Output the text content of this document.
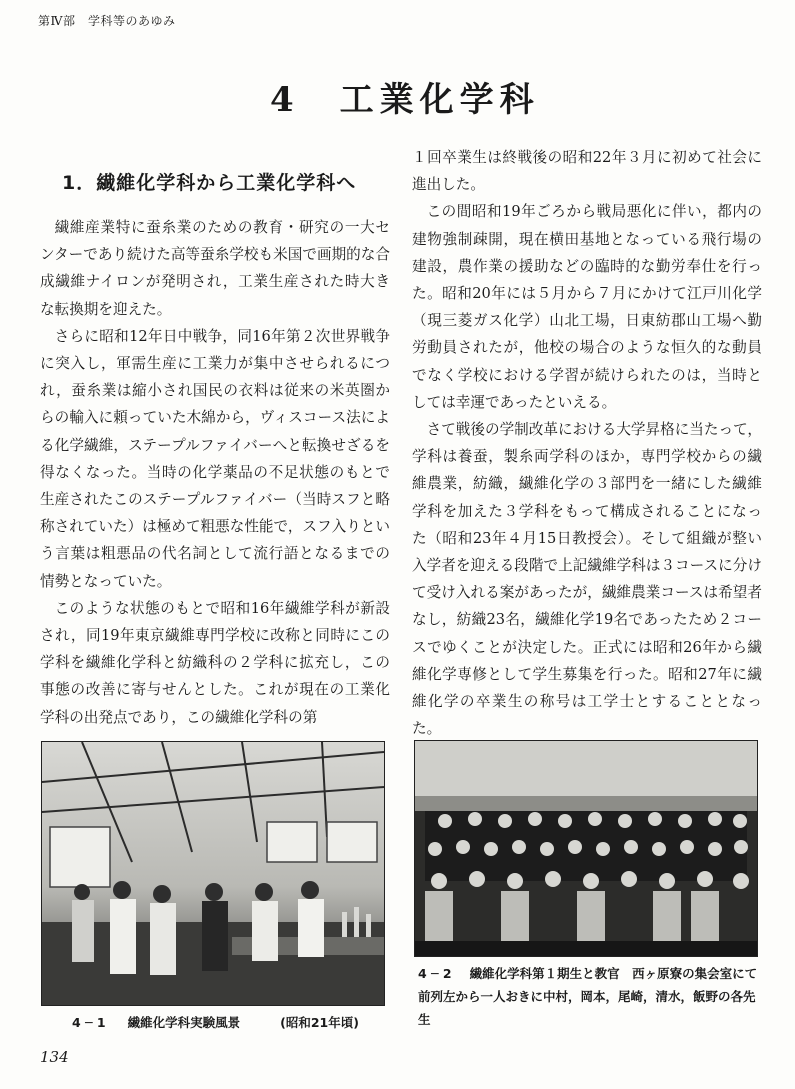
第Ⅳ部　学科等のあゆみ
4 工業化学科
1．繊維化学科から工業化学科へ

繊維産業特に蚕糸業のための教育・研究の一大センターであり続けた高等蚕糸学校も米国で画期的な合成繊維ナイロンが発明され，工業生産された時大きな転換期を迎えた。

さらに昭和12年日中戦争，同16年第２次世界戦争に突入し，軍需生産に工業力が集中させられるにつれ，蚕糸業は縮小され国民の衣料は従来の米英圏からの輸入に頼っていた木綿から，ヴィスコース法による化学繊維，ステープルファイバーへと転換せざるを得なくなった。当時の化学薬品の不足状態のもとで生産されたこのステープルファイバー（当時スフと略称されていた）は極めて粗悪な性能で，スフ入りという言葉は粗悪品の代名詞として流行語となるまでの情勢となっていた。

このような状態のもとで昭和16年繊維学科が新設され，同19年東京繊維専門学校に改称と同時にこの学科を繊維化学科と紡織科の２学科に拡充し，この事態の改善に寄与せんとした。これが現在の工業化学科の出発点であり，この繊維化学科の第

１回卒業生は終戦後の昭和22年３月に初めて社会に進出した。

この間昭和19年ごろから戦局悪化に伴い，都内の建物強制疎開，現在横田基地となっている飛行場の建設，農作業の援助などの臨時的な勤労奉仕を行った。昭和20年には５月から７月にかけて江戸川化学（現三菱ガス化学）山北工場，日東紡郡山工場へ勤労動員されたが，他校の場合のような恒久的な動員でなく学校における学習が続けられたのは，当時としては幸運であったといえる。

さて戦後の学制改革における大学昇格に当たって，学科は養蚕，製糸両学科のほか，専門学校からの繊維農業，紡織，繊維化学の３部門を一緒にした繊維学科を加えた３学科をもって構成されることになった（昭和23年４月15日教授会）。そして組織が整い入学者を迎える段階で上記繊維学科は３コースに分けて受け入れる案があったが，繊維農業コースは希望者なし，紡織23名，繊維化学19名であったため２コースでゆくことが決定した。正式には昭和26年から繊維化学専修として学生募集を行った。昭和27年に繊維化学の卒業生の称号は工学士とすることとなった。

4 ─ 1 繊維化学科実験風景	(昭和21年頃)
4 ─ 2 繊維化学科第１期生と教官　西ヶ原寮の集会室にて前列左から一人おきに中村，岡本，尾崎，清水，飯野の各先生
134
